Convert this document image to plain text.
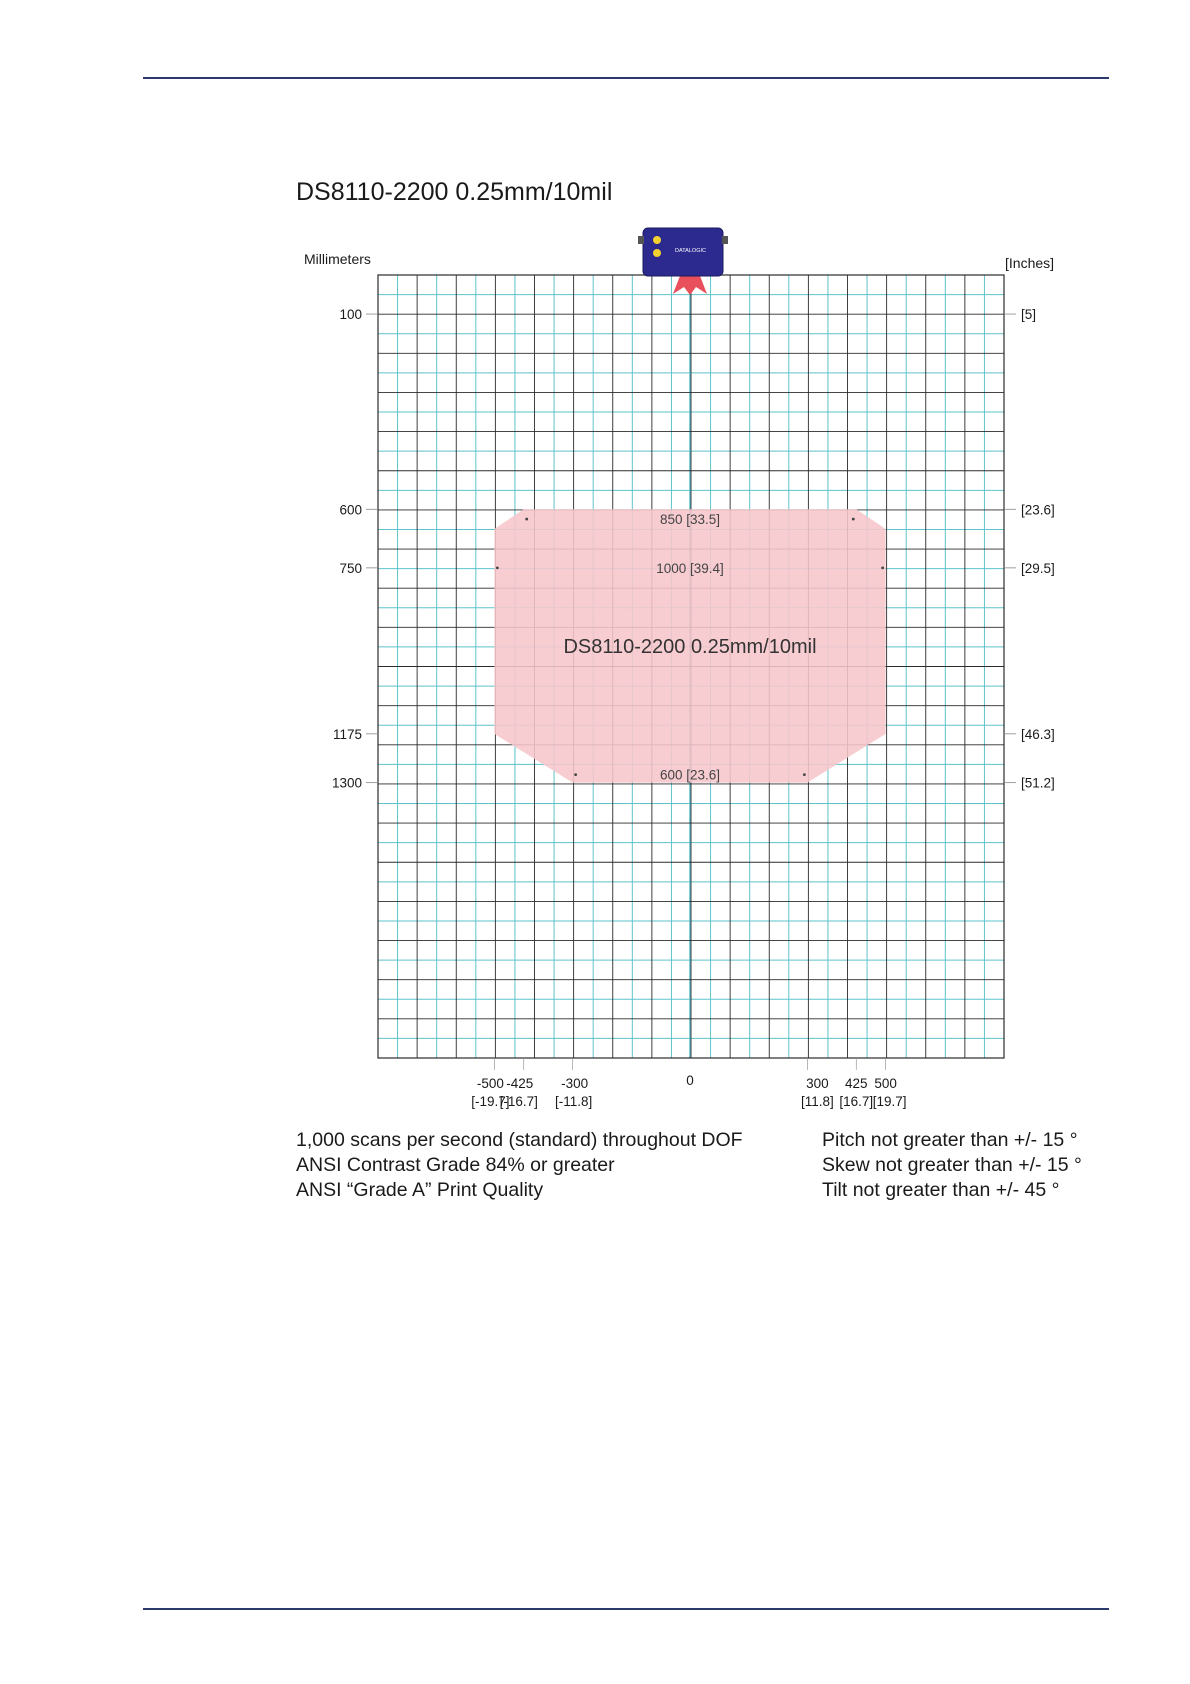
DS8110-2200 0.25mm/10mil
850 [33.5]
1000 [39.4]
600 [23.6]
DS8110-2200 0.25mm/10mil
Millimeters	[Inches]
100	[5]
600	[23.6]
750	[29.5]
1175	[46.3]
1300	[51.2]
-500
[-19.7]
-425
[-16.7]
-300
[-11.8]
0	300
[11.8]
425
[16.7]
500
[19.7]
DATALOGIC
1,000 scans per second (standard) throughout DOF
ANSI Contrast Grade 84% or greater
ANSI “Grade A” Print Quality
Pitch not greater than +/- 15 °
Skew not greater than +/- 15 °
Tilt not greater than +/- 45 °
